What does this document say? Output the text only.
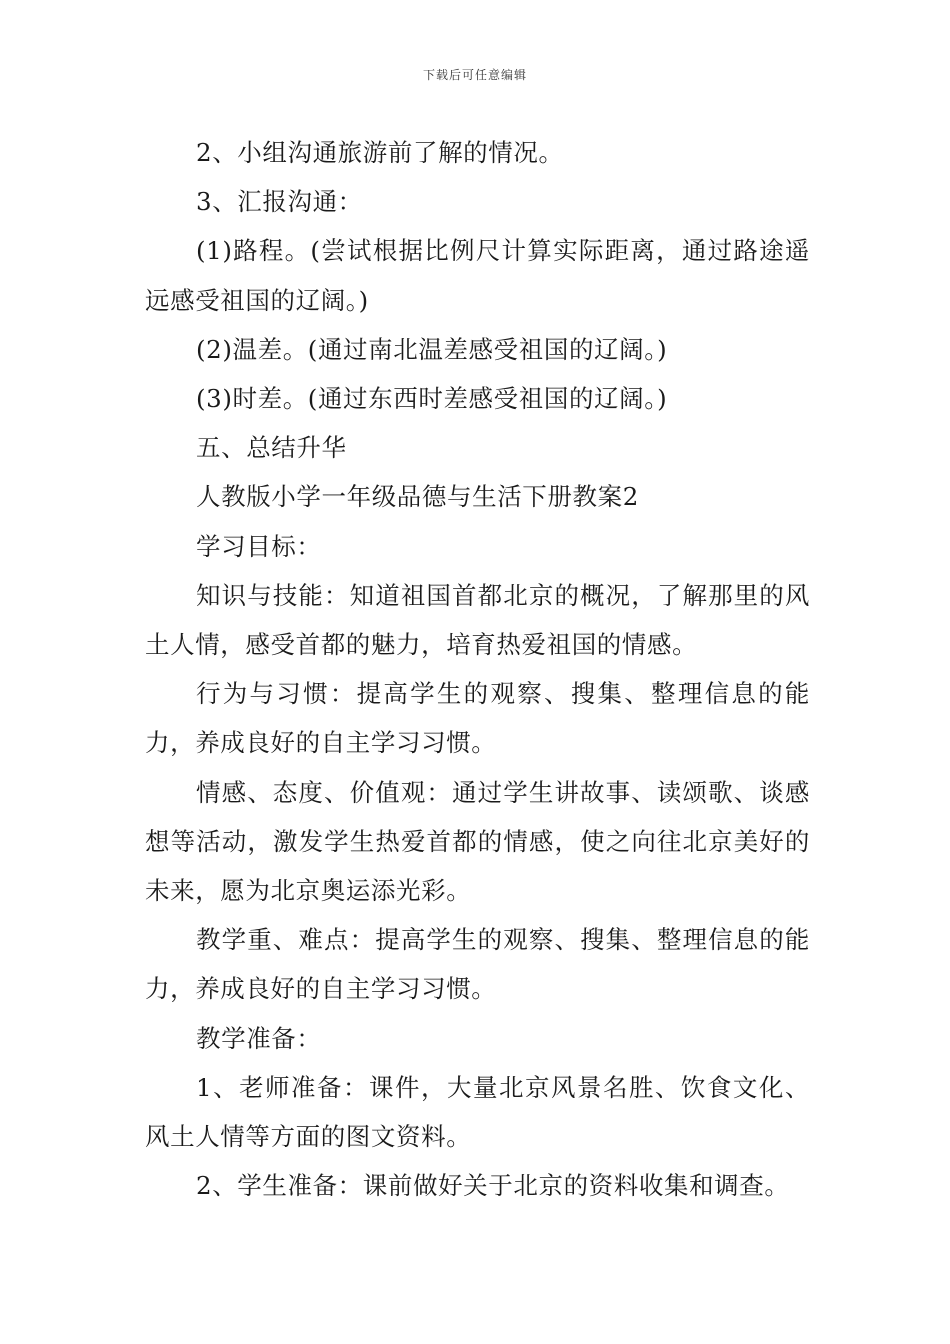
下载后可任意编辑

2、小组沟通旅游前了解的情况。

3、汇报沟通：

(1)路程。(尝试根据比例尺计算实际距离，通过路途遥远感受祖国的辽阔。)

(2)温差。(通过南北温差感受祖国的辽阔。)

(3)时差。(通过东西时差感受祖国的辽阔。)

五、总结升华

人教版小学一年级品德与生活下册教案2

学习目标：

知识与技能：知道祖国首都北京的概况，了解那里的风土人情，感受首都的魅力，培育热爱祖国的情感。

行为与习惯：提高学生的观察、搜集、整理信息的能力，养成良好的自主学习习惯。

情感、态度、价值观：通过学生讲故事、读颂歌、谈感想等活动，激发学生热爱首都的情感，使之向往北京美好的未来，愿为北京奥运添光彩。

教学重、难点：提高学生的观察、搜集、整理信息的能力，养成良好的自主学习习惯。

教学准备：

1、老师准备：课件，大量北京风景名胜、饮食文化、风土人情等方面的图文资料。

2、学生准备：课前做好关于北京的资料收集和调查。
